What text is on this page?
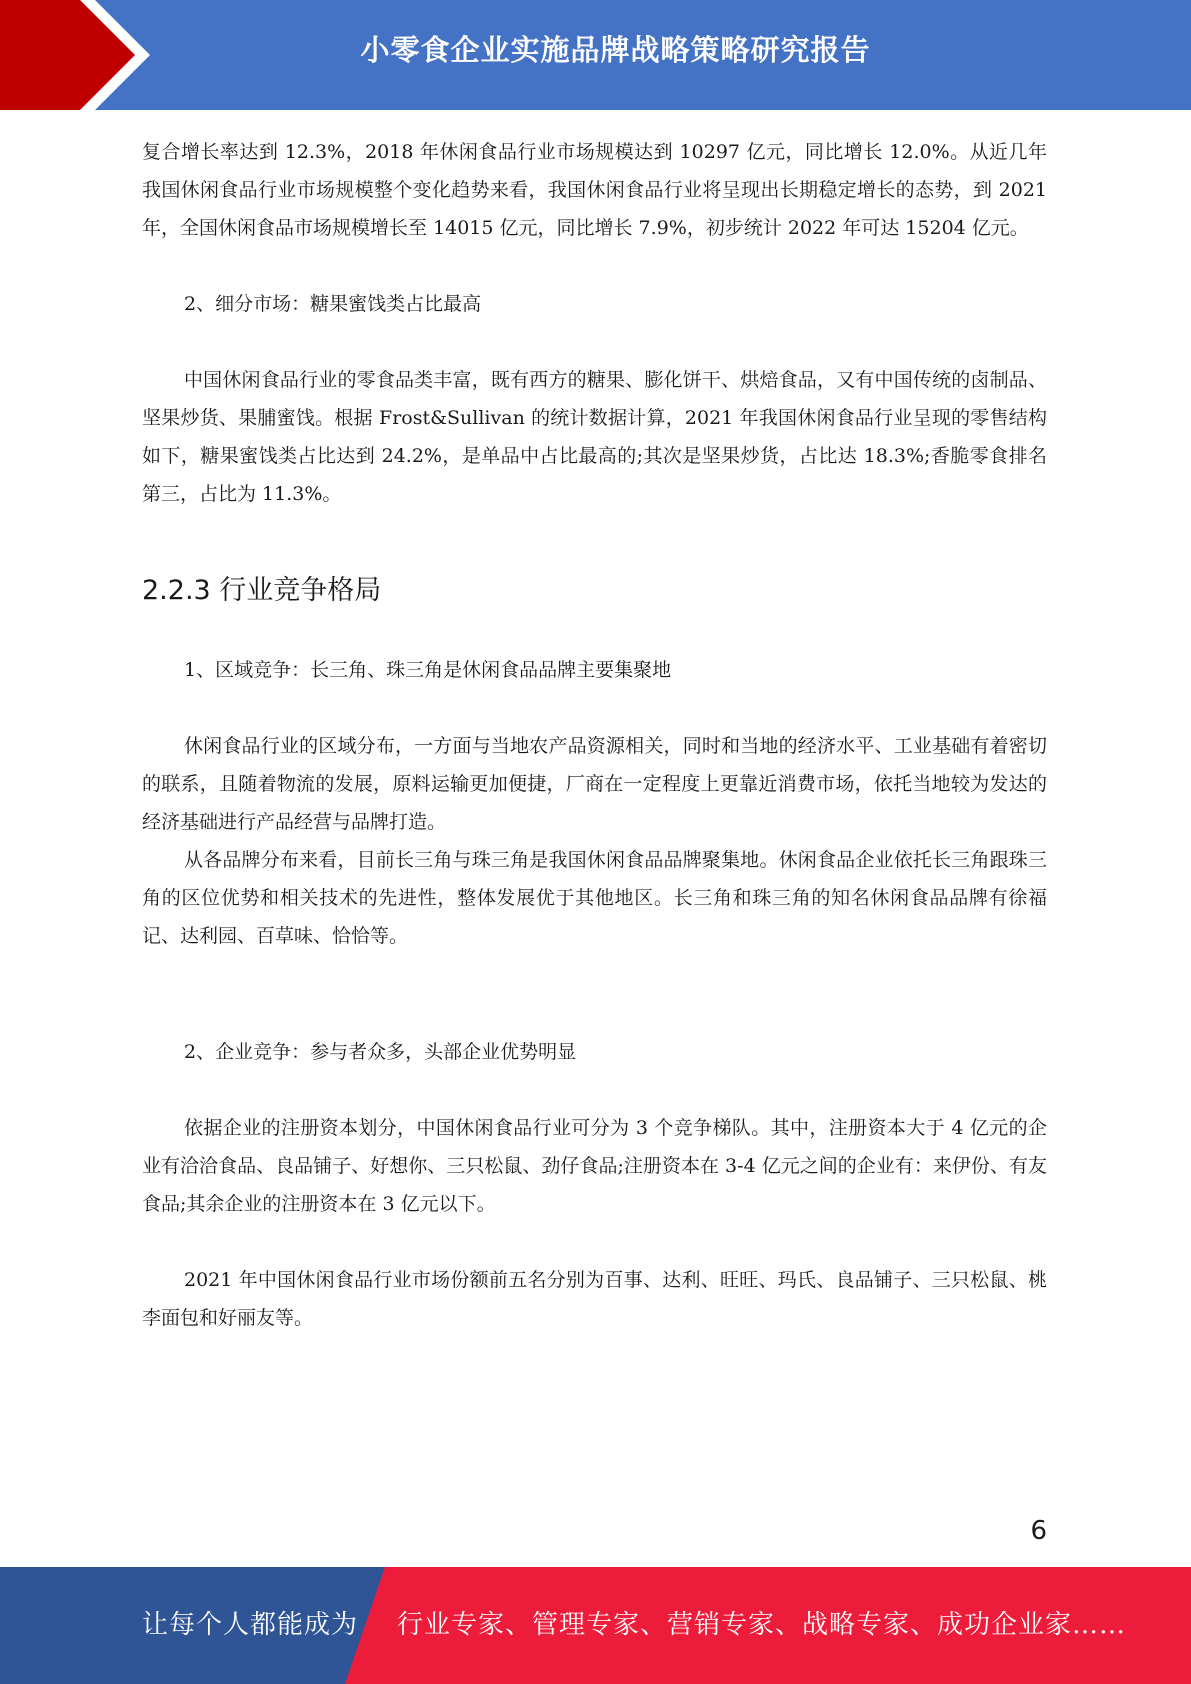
小零食企业实施品牌战略策略研究报告

复合增长率达到 12.3%，2018 年休闲食品行业市场规模达到 10297 亿元，同比增长 12.0%。从近几年我国休闲食品行业市场规模整个变化趋势来看，我国休闲食品行业将呈现出长期稳定增长的态势，到 2021 年，全国休闲食品市场规模增长至 14015 亿元，同比增长 7.9%，初步统计 2022 年可达 15204 亿元。

2、细分市场：糖果蜜饯类占比最高

中国休闲食品行业的零食品类丰富，既有西方的糖果、膨化饼干、烘焙食品，又有中国传统的卤制品、坚果炒货、果脯蜜饯。根据 Frost&Sullivan 的统计数据计算，2021 年我国休闲食品行业呈现的零售结构如下，糖果蜜饯类占比达到 24.2%，是单品中占比最高的;其次是坚果炒货，占比达 18.3%;香脆零食排名第三，占比为 11.3%。

2.2.3 行业竞争格局

1、区域竞争：长三角、珠三角是休闲食品品牌主要集聚地

休闲食品行业的区域分布，一方面与当地农产品资源相关，同时和当地的经济水平、工业基础有着密切的联系，且随着物流的发展，原料运输更加便捷，厂商在一定程度上更靠近消费市场，依托当地较为发达的经济基础进行产品经营与品牌打造。

从各品牌分布来看，目前长三角与珠三角是我国休闲食品品牌聚集地。休闲食品企业依托长三角跟珠三角的区位优势和相关技术的先进性，整体发展优于其他地区。长三角和珠三角的知名休闲食品品牌有徐福记、达利园、百草味、恰恰等。

2、企业竞争：参与者众多，头部企业优势明显

依据企业的注册资本划分，中国休闲食品行业可分为 3 个竞争梯队。其中，注册资本大于 4 亿元的企业有洽洽食品、良品铺子、好想你、三只松鼠、劲仔食品;注册资本在 3-4 亿元之间的企业有：来伊份、有友食品;其余企业的注册资本在 3 亿元以下。

2021 年中国休闲食品行业市场份额前五名分别为百事、达利、旺旺、玛氏、良品铺子、三只松鼠、桃李面包和好丽友等。

6
让每个人都能成为 行业专家、管理专家、营销专家、战略专家、成功企业家……
